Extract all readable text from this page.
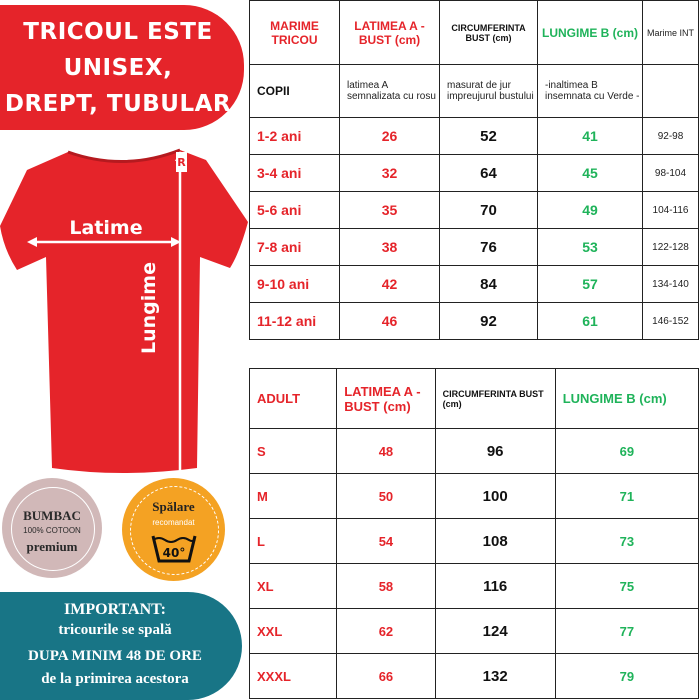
TRICOUL ESTE
UNISEX,
DREPT, TUBULAR
R
Latime
Lungime
BUMBAC
100% COTOON
premium
Spălare
recomandat
40°
IMPORTANT:
tricourile se spală
DUPA MINIM 48 DE ORE
de la primirea acestora
MARIME TRICOU	LATIMEA A - BUST (cm)	CIRCUMFERINTA BUST (cm)	LUNGIME B (cm)	Marime INT
COPII	latimea A semnalizata cu rosu	masurat de jur impreujurul bustului	-inaltimea B insemnata cu Verde -	
1-2 ani	26	52	41	92-98
3-4 ani	32	64	45	98-104
5-6 ani	35	70	49	104-116
7-8 ani	38	76	53	122-128
9-10 ani	42	84	57	134-140
11-12 ani	46	92	61	146-152
ADULT	LATIMEA A - BUST (cm)	CIRCUMFERINTA BUST (cm)	LUNGIME B (cm)
S	48	96	69
M	50	100	71
L	54	108	73
XL	58	116	75
XXL	62	124	77
XXXL	66	132	79
